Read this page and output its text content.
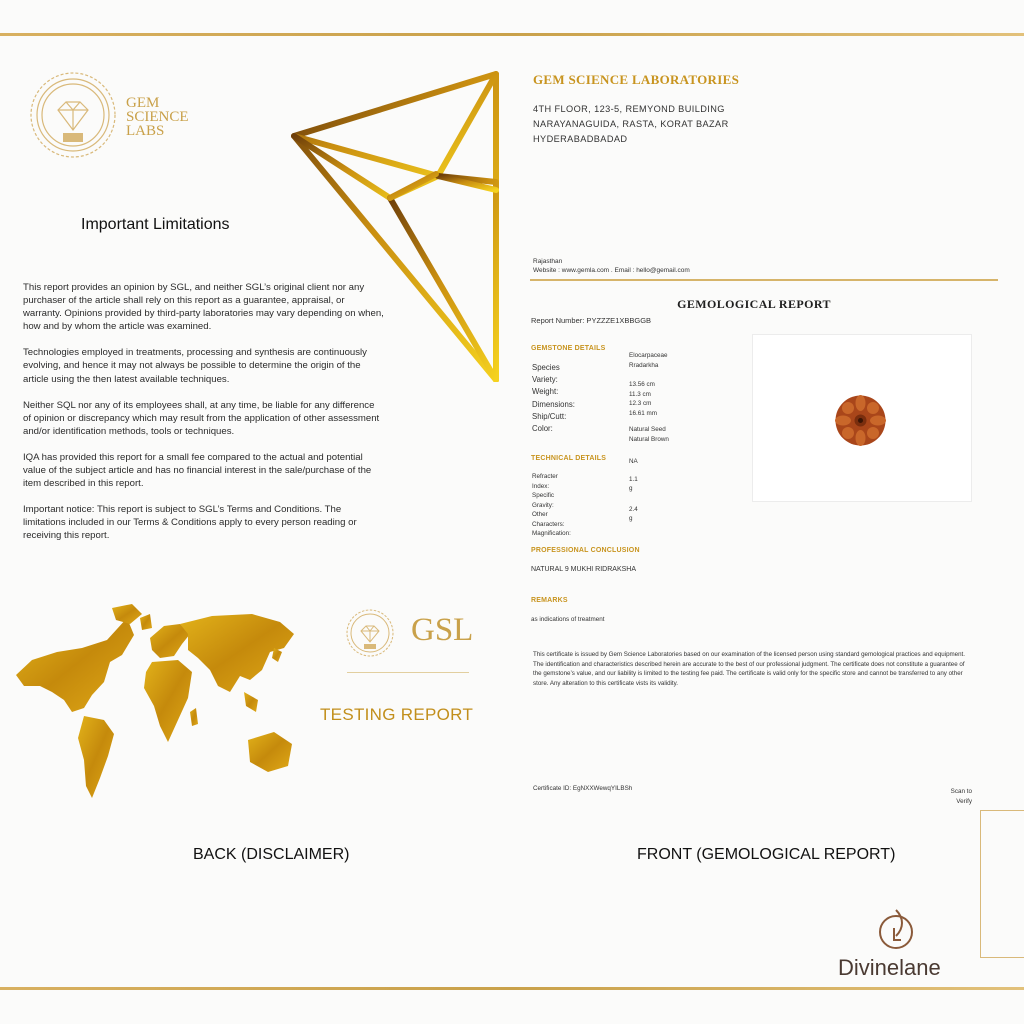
GEM
SCIENCE
LABS
Important Limitations

This report provides an opinion by SGL, and neither SGL’s original client nor any purchaser of the article shall rely on this report as a guarantee, appraisal, or warranty. Opinions provided by third-party laboratories may vary depending on when, how and by whom the article was examined.

Technologies employed in treatments, processing and synthesis are continuously evolving, and hence it may not always be possible to determine the origin of the article using the then latest available techniques.

Neither SQL nor any of its employees shall, at any time, be liable for any difference of opinion or discrepancy which may result from the application of other assessment and/or identification methods, tools or techniques.

IQA has provided this report for a small fee compared to the actual and potential value of the subject article and has no financial interest in the sale/purchase of the item described in this report.

Important notice: This report is subject to SGL’s Terms and Conditions. The limitations included in our Terms & Conditions apply to every person reading or receiving this report.

GSL
TESTING REPORT
BACK (DISCLAIMER)
GEM SCIENCE LABORATORIES
4TH FLOOR, 123-5, REMYOND BUILDING
NARAYANAGUIDA, RASTA, KORAT BAZAR
HYDERABADBADAD
Rajasthan
Website : www.gemla.com . Email : hello@gemail.com
GEMOLOGICAL REPORT
Report Number: PYZZZE1XBBGGB
GEMSTONE DETAILS
Species
Variety:
Weight:
Dimensions:
Ship/Cutt:
Color:
Elocarpaceae
Rradarkha
13.56 cm
11.3 cm
12.3 cm
16.61 mm
Natural Seed
Natural Brown
TECHNICAL DETAILS
Refracter
Index:
Specific
Gravity:
Other
Characters:
Magnification:
NA
1.1
g
2.4
g
PROFESSIONAL CONCLUSION
NATURAL 9 MUKHI RIDRAKSHA
REMARKS
as indications of treatment
This certificate is issued by Gem Science Laboratories based on our examination of the licensed person using standard gemological practices and equipment. The identification and characteristics described herein are accurate to the best of our professional judgment. The certificate does not constitute a guarantee of the gemstone’s value, and our liability is limited to the testing fee paid. The certificate is valid only for the specific store and cannot be transferred to any other store. Any alteration to this certificate vists its validity.
Certificate ID: EgNXXWewqYILBSh	Scan to
Verify
FRONT (GEMOLOGICAL REPORT)
Divinelane
